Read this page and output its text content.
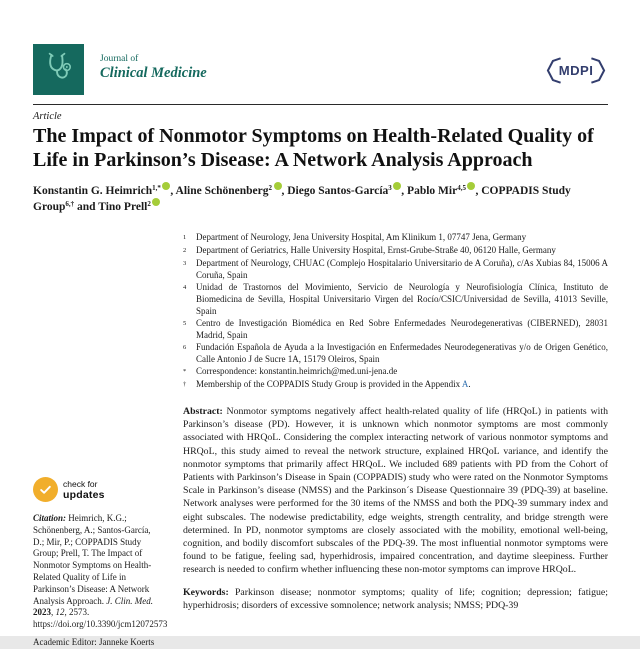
Journal of
Clinical Medicine	MDPI
Article
The Impact of Nonmotor Symptoms on Health-Related Quality of Life in Parkinson’s Disease: A Network Analysis Approach
Konstantin G. Heimrich$^{1,*}$ , Aline Schönenberg$^2$ , Diego Santos-García$^3$ , Pablo Mir$^{4,5}$ , COPPADIS Study Group$^{6,\dagger}$ and Tino Prell$^2$
check for
updates

Citation: Heimrich, K.G.; Schönenberg, A.; Santos-García, D.; Mir, P.; COPPADIS Study Group; Prell, T. The Impact of Nonmotor Symptoms on Health-Related Quality of Life in Parkinson’s Disease: A Network Analysis Approach. J. Clin. Med. 2023, 12, 2573. https://doi.org/10.3390/jcm12072573

Academic Editor: Janneke Koerts

1	Department of Neurology, Jena University Hospital, Am Klinikum 1, 07747 Jena, Germany
2	Department of Geriatrics, Halle University Hospital, Ernst-Grube-Straße 40, 06120 Halle, Germany
3	Department of Neurology, CHUAC (Complejo Hospitalario Universitario de A Coruña), c/As Xubias 84, 15006 A Coruña, Spain
4	Unidad de Trastornos del Movimiento, Servicio de Neurología y Neurofisiología Clínica, Instituto de Biomedicina de Sevilla, Hospital Universitario Virgen del Rocío/CSIC/Universidad de Sevilla, 41013 Seville, Spain
5	Centro de Investigación Biomédica en Red Sobre Enfermedades Neurodegenerativas (CIBERNED), 28031 Madrid, Spain
6	Fundación Española de Ayuda a la Investigación en Enfermedades Neurodegenerativas y/o de Origen Genético, Calle Antonio J de Sucre 1A, 15179 Oleiros, Spain
*	Correspondence: konstantin.heimrich@med.uni-jena.de
†	Membership of the COPPADIS Study Group is provided in the Appendix A.

Abstract: Nonmotor symptoms negatively affect health-related quality of life (HRQoL) in patients with Parkinson’s disease (PD). However, it is unknown which nonmotor symptoms are most commonly associated with HRQoL. Considering the complex interacting network of various nonmotor symptoms and HRQoL, this study aimed to reveal the network structure, explained HRQoL variance, and identify the nonmotor symptoms that primarily affect HRQoL. We included 689 patients with PD from the Cohort of Patients with Parkinson’s Disease in Spain (COPPADIS) study who were rated on the Nonmotor Symptoms Scale in Parkinson’s disease (NMSS) and the Parkinson´s Disease Questionnaire 39 (PDQ-39) at baseline. Network analyses were performed for the 30 items of the NMSS and both the PDQ-39 summary index and eight subscales. The nodewise predictability, edge weights, strength centrality, and bridge strength were determined. In PD, nonmotor symptoms are closely associated with the mobility, emotional well-being, cognition, and bodily discomfort subscales of the PDQ-39. The most influential nonmotor symptoms were found to be fatigue, feeling sad, hyperhidrosis, impaired concentration, and daytime sleepiness. Further research is needed to confirm whether influencing these non-motor symptoms can improve HRQoL.

Keywords: Parkinson disease; nonmotor symptoms; quality of life; cognition; depression; fatigue; hyperhidrosis; disorders of excessive somnolence; network analysis; NMSS; PDQ-39
